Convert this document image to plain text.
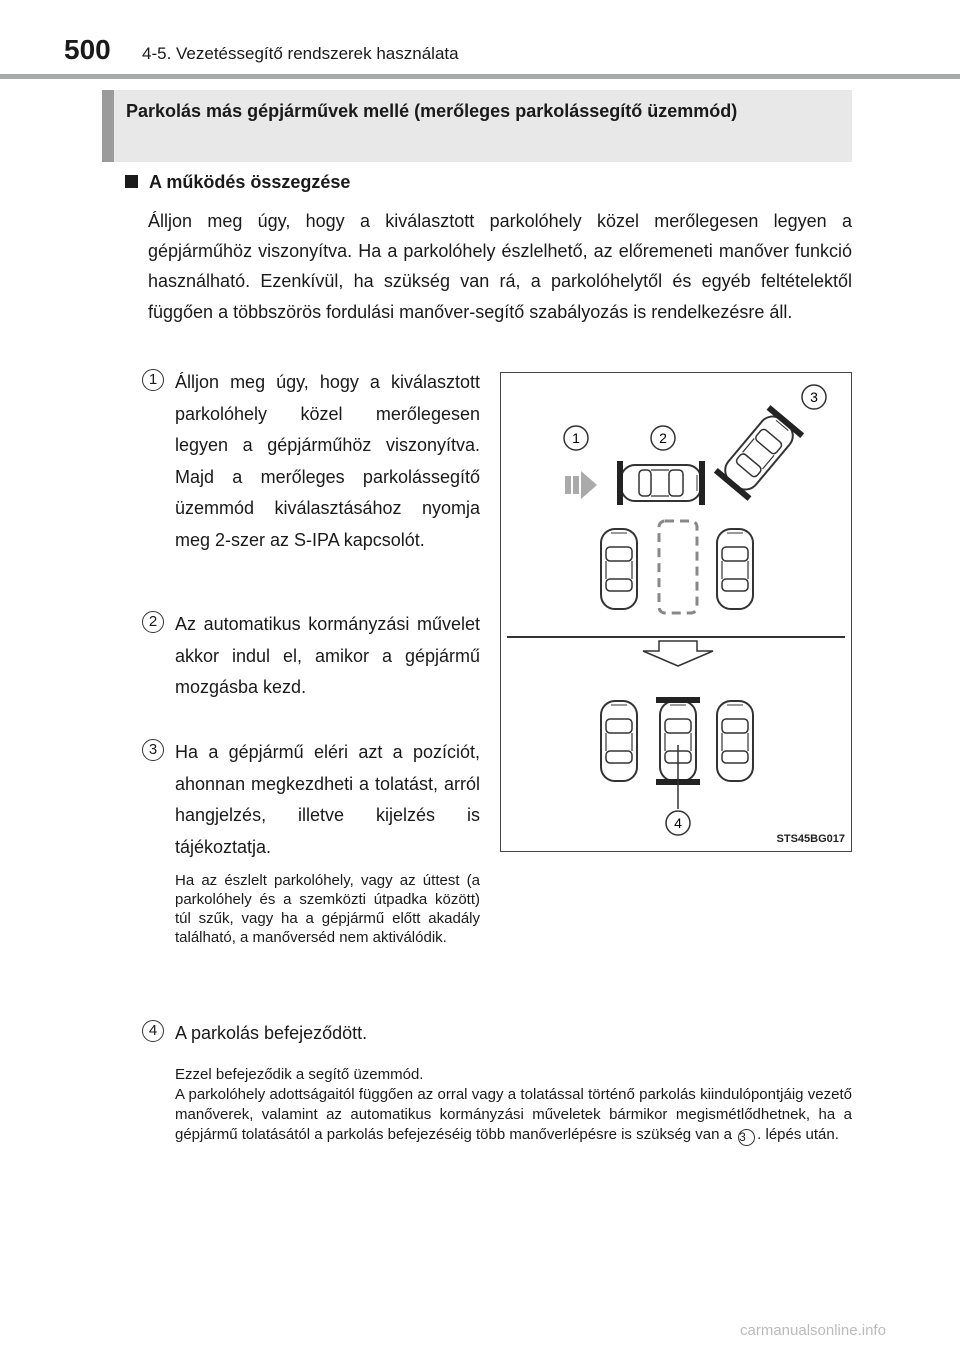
500 4-5. Vezetéssegítő rendszerek használata
Parkolás más gépjárművek mellé (merőleges parkolássegítő üzemmód)
A működés összegzése
Álljon meg úgy, hogy a kiválasztott parkolóhely közel merőlegesen legyen a gépjárműhöz viszonyítva. Ha a parkolóhely észlelhető, az előremeneti manőver funkció használható. Ezenkívül, ha szükség van rá, a parkolóhelytől és egyéb feltételektől függően a többszörös fordulási manőver-segítő szabályozás is rendelkezésre áll.
1 Álljon meg úgy, hogy a kiválasztott parkolóhely közel merőlegesen legyen a gépjárműhöz viszonyítva. Majd a merőleges parkolássegítő üzemmód kiválasztásához nyomja meg 2-szer az S-IPA kapcsolót.
2 Az automatikus kormányzási művelet akkor indul el, amikor a gépjármű mozgásba kezd.
3 Ha a gépjármű eléri azt a pozíciót, ahonnan megkezdheti a tolatást, arról hangjelzés, illetve kijelzés is tájékoztatja.
Ha az észlelt parkolóhely, vagy az úttest (a parkolóhely és a szemközti útpadka között) túl szűk, vagy ha a gépjármű előtt akadály található, a manőverséd nem aktiválódik.
4 A parkolás befejeződött.
Ezzel befejeződik a segítő üzemmód.
A parkolóhely adottságaitól függően az orral vagy a tolatással történő parkolás kiindulópontjáig vezető manőverek, valamint az automatikus kormányzási műveletek bármikor megismétlődhetnek, ha a gépjármű tolatásától a parkolás befejezéséig több manőverlépésre is szükség van a 3 . lépés után.
1	2
3
4
STS45BG017
carmanualsonline.info
